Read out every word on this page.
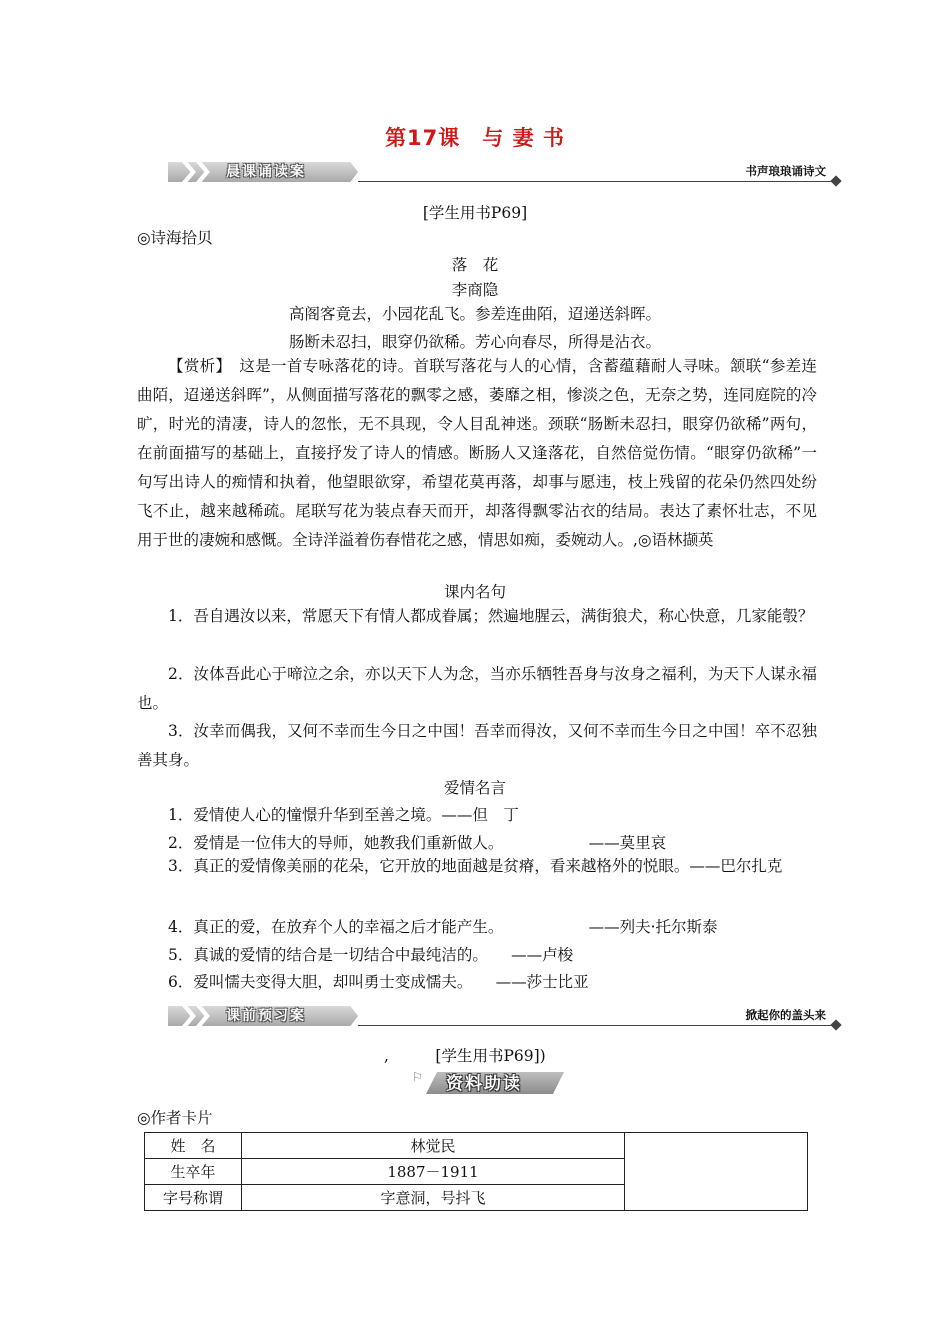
第17课　与 妻 书
晨课诵读案	书声琅琅诵诗文
[学生用书P69]
◎诗海拾贝
落　花
李商隐
高阁客竟去，小园花乱飞。参差连曲陌，迢递送斜晖。
肠断未忍扫，眼穿仍欲稀。芳心向春尽，所得是沾衣。
【赏析】　这是一首专咏落花的诗。首联写落花与人的心情，含蓄蕴藉耐人寻味。颔联“参差连曲陌，迢递送斜晖”，从侧面描写落花的飘零之感，萎靡之相，惨淡之色，无奈之势，连同庭院的冷旷，时光的清凄，诗人的忽怅，无不具现，令人目乱神迷。颈联“肠断未忍扫，眼穿仍欲稀”两句，在前面描写的基础上，直接抒发了诗人的情感。断肠人又逢落花，自然倍觉伤情。“眼穿仍欲稀”一句写出诗人的痴情和执着，他望眼欲穿，希望花莫再落，却事与愿违，枝上残留的花朵仍然四处纷飞不止，越来越稀疏。尾联写花为装点春天而开，却落得飘零沾衣的结局。表达了素怀壮志，不见用于世的凄婉和感慨。全诗洋溢着伤春惜花之感，情思如痴，委婉动人。,◎语林撷英
课内名句
1．吾自遇汝以来，常愿天下有情人都成眷属；然遍地腥云，满街狼犬，称心快意，几家能彀？
2．汝体吾此心于啼泣之余，亦以天下人为念，当亦乐牺牲吾身与汝身之福利，为天下人谋永福也。
3．汝幸而偶我，又何不幸而生今日之中国！吾幸而得汝，又何不幸而生今日之中国！卒不忍独善其身。
爱情名言
1．爱情使人心的憧憬升华到至善之境。——但　丁
2．爱情是一位伟大的导师，她教我们重新做人。　　　　　　——莫里哀
3．真正的爱情像美丽的花朵，它开放的地面越是贫瘠，看来越格外的悦眼。——巴尔扎克
4．真正的爱，在放弃个人的幸福之后才能产生。　　　　　　——列夫·托尔斯泰
5．真诚的爱情的结合是一切结合中最纯洁的。　　——卢梭
6．爱叫懦夫变得大胆，却叫勇士变成懦夫。　　——莎士比亚
课前预习案	掀起你的盖头来
,　　　[学生用书P69])
⚐ 资料助读
◎作者卡片
姓　名	林觉民	
生卒年	1887－1911	
字号称谓	字意洞，号抖飞	
